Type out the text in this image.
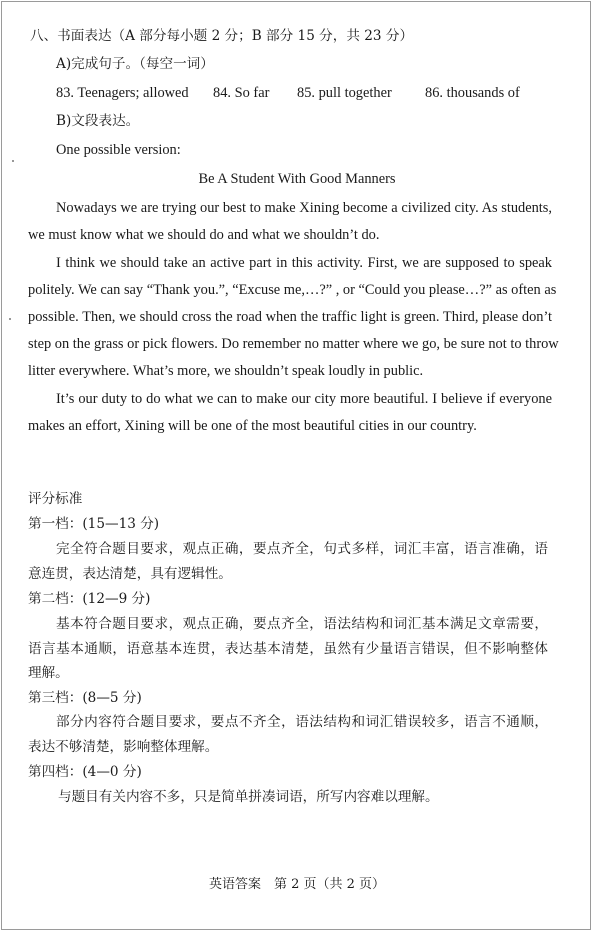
八、书面表达（A 部分每小题 2 分；B 部分 15 分，共 23 分）
A)完成句子。（每空一词）
83. Teenagers; allowed 84. So far 85. pull together 86. thousands of
B)文段表达。
One possible version:
Be A Student With Good Manners
Nowadays we are trying our best to make Xining become a civilized city. As students,
we must know what we should do and what we shouldn’t do.
I think we should take an active part in this activity. First, we are supposed to speak
politely. We can say “Thank you.”, “Excuse me,…?” , or “Could you please…?” as often as
possible. Then, we should cross the road when the traffic light is green. Third, please don’t
step on the grass or pick flowers. Do remember no matter where we go, be sure not to throw
litter everywhere. What’s more, we shouldn’t speak loudly in public.
It’s our duty to do what we can to make our city more beautiful. I believe if everyone
makes an effort, Xining will be one of the most beautiful cities in our country.
评分标准
第一档：(15—13 分)
完全符合题目要求，观点正确，要点齐全，句式多样，词汇丰富，语言准确，语
意连贯，表达清楚，具有逻辑性。
第二档：(12—9 分)
基本符合题目要求，观点正确，要点齐全，语法结构和词汇基本满足文章需要，
语言基本通顺，语意基本连贯，表达基本清楚，虽然有少量语言错误，但不影响整体
理解。
第三档：(8—5 分)
部分内容符合题目要求，要点不齐全，语法结构和词汇错误较多，语言不通顺，
表达不够清楚，影响整体理解。
第四档：(4—0 分)
与题目有关内容不多，只是简单拼凑词语，所写内容难以理解。
英语答案　第 2 页（共 2 页）
